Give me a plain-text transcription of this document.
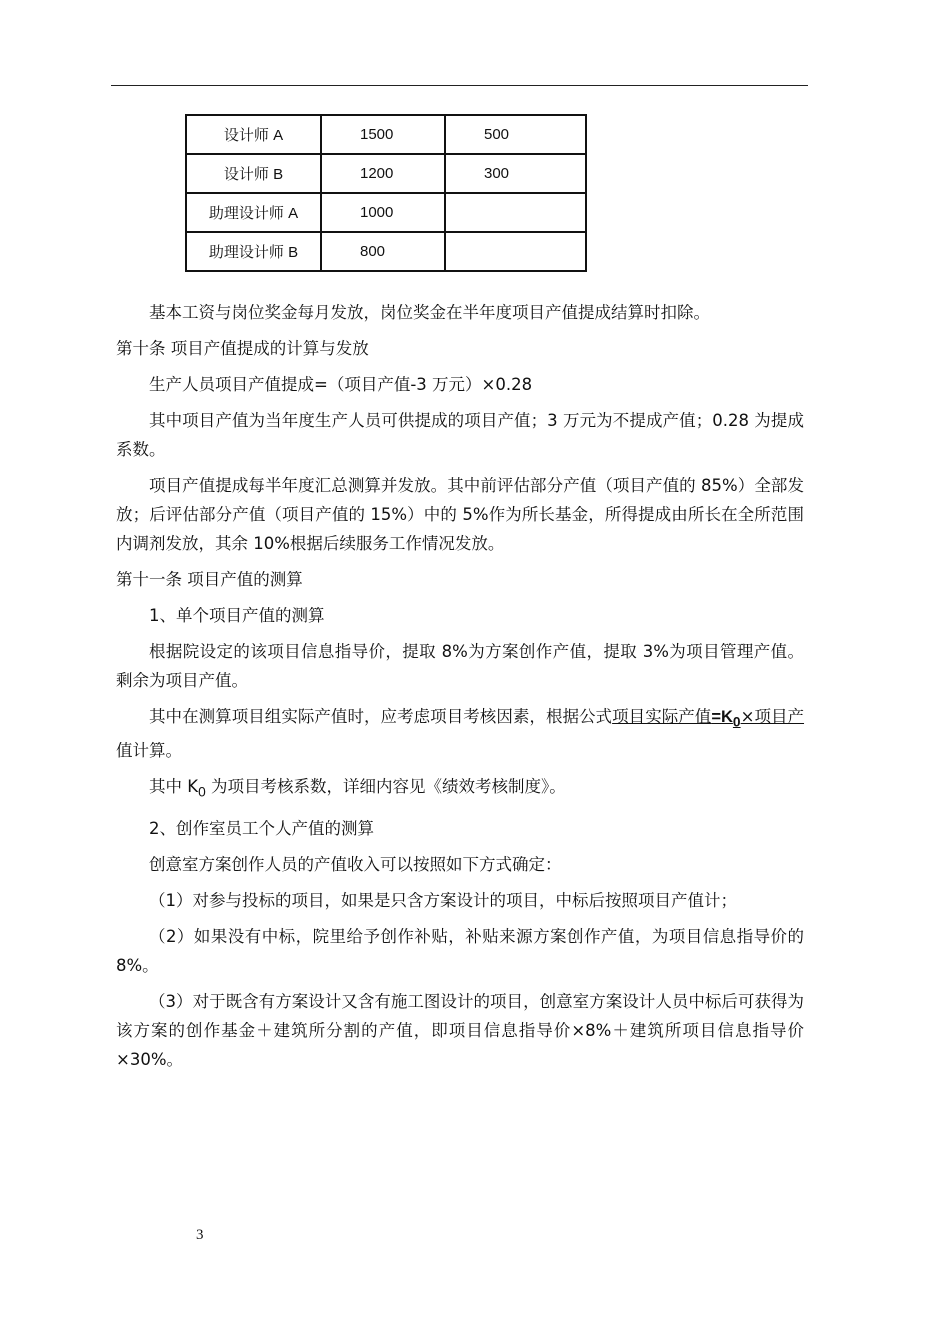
设计师 A	1500	500
设计师 B	1200	300
助理设计师 A	1000	
助理设计师 B	800	

基本工资与岗位奖金每月发放，岗位奖金在半年度项目产值提成结算时扣除。

第十条 项目产值提成的计算与发放

生产人员项目产值提成=（项目产值-3 万元）×0.28

其中项目产值为当年度生产人员可供提成的项目产值；3 万元为不提成产值；0.28 为提成系数。

项目产值提成每半年度汇总测算并发放。其中前评估部分产值（项目产值的 85%）全部发放；后评估部分产值（项目产值的 15%）中的 5%作为所长基金，所得提成由所长在全所范围内调剂发放，其余 10%根据后续服务工作情况发放。

第十一条 项目产值的测算

1、单个项目产值的测算

根据院设定的该项目信息指导价，提取 8%为方案创作产值，提取 3%为项目管理产值。剩余为项目产值。

其中在测算项目组实际产值时，应考虑项目考核因素，根据公式项目实际产值$=K_0\times$项目产值计算。

其中 $K_0$ 为项目考核系数，详细内容见《绩效考核制度》。

2、创作室员工个人产值的测算

创意室方案创作人员的产值收入可以按照如下方式确定：

（1）对参与投标的项目，如果是只含方案设计的项目，中标后按照项目产值计；

（2）如果没有中标，院里给予创作补贴，补贴来源方案创作产值，为项目信息指导价的 8%。

（3）对于既含有方案设计又含有施工图设计的项目，创意室方案设计人员中标后可获得为该方案的创作基金＋建筑所分割的产值，即项目信息指导价×8%＋建筑所项目信息指导价×30%。

3
